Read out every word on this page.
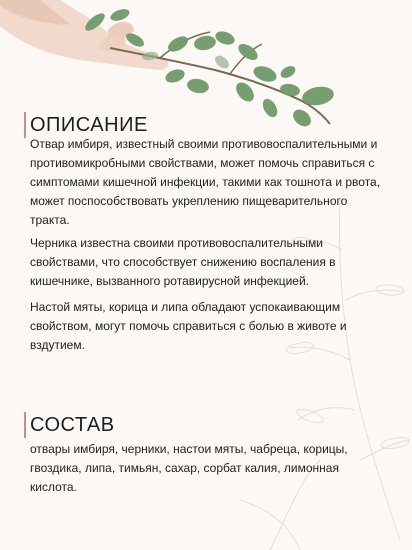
ОПИСАНИЕ

Отвар имбиря, известный своими противовоспалительными и противомикробными свойствами, может помочь справиться с симптомами кишечной инфекции, такими как тошнота и рвота, может поспособствовать укреплению пищеварительного тракта.

Черника известна своими противовоспалительными свойствами, что способствует снижению воспаления в кишечнике, вызванного ротавирусной инфекцией.

Настой мяты, корица и липа обладают успокаивающим свойством, могут помочь справиться с болью в животе и вздутием.

СОСТАВ

отвары имбиря, черники, настои мяты, чабреца, корицы, гвоздика, липа, тимьян, сахар, сорбат калия, лимонная кислота.
